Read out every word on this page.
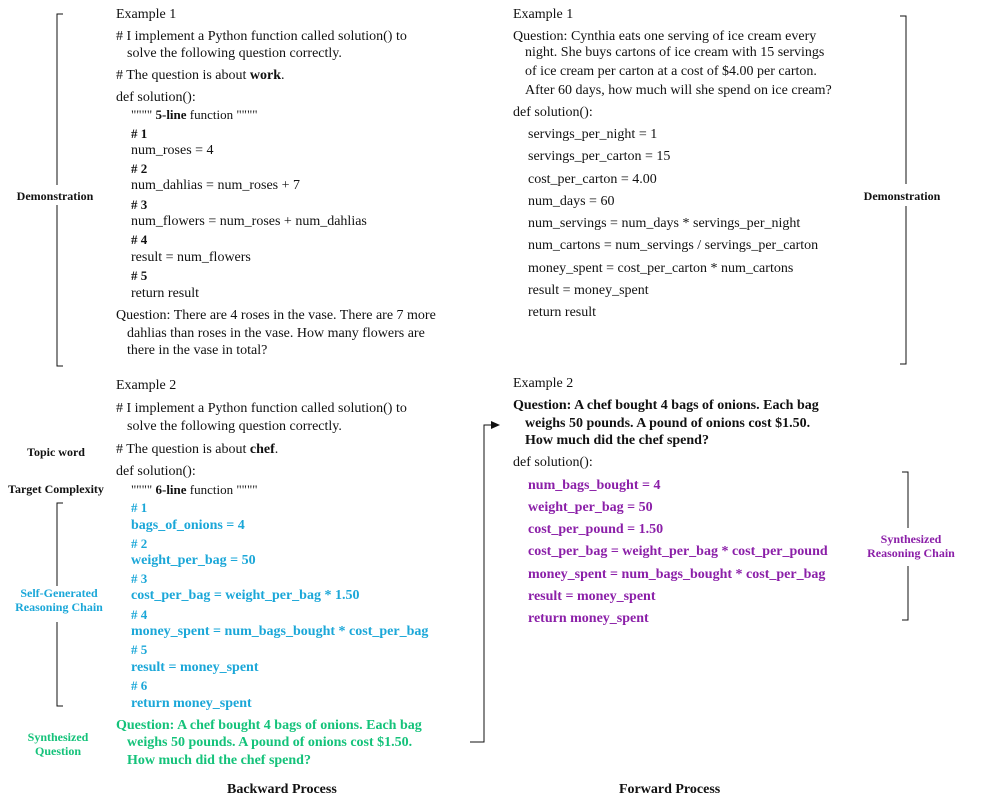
Demonstration
Topic word
Target Complexity
Self-Generated
Reasoning Chain
Synthesized
Question
Example 1
# I implement a Python function called solution() to
solve the following question correctly.
# The question is about work.
def solution():
"""" 5-line function """"
# 1
num_roses = 4
# 2
num_dahlias = num_roses + 7
# 3
num_flowers = num_roses + num_dahlias
# 4
result = num_flowers
# 5
return result
Question: There are 4 roses in the vase. There are 7 more
dahlias than roses in the vase. How many flowers are
there in the vase in total?
Example 2
# I implement a Python function called solution() to
solve the following question correctly.
# The question is about chef.
def solution():
"""" 6-line function """"
# 1
bags_of_onions = 4
# 2
weight_per_bag = 50
# 3
cost_per_bag = weight_per_bag * 1.50
# 4
money_spent = num_bags_bought * cost_per_bag
# 5
result = money_spent
# 6
return money_spent
Question: A chef bought 4 bags of onions. Each bag
weighs 50 pounds. A pound of onions cost $1.50.
How much did the chef spend?
Backward Process
Example 1
Question: Cynthia eats one serving of ice cream every
night. She buys cartons of ice cream with 15 servings
of ice cream per carton at a cost of $4.00 per carton.
After 60 days, how much will she spend on ice cream?
def solution():
servings_per_night = 1
servings_per_carton = 15
cost_per_carton = 4.00
num_days = 60
num_servings = num_days * servings_per_night
num_cartons = num_servings / servings_per_carton
money_spent = cost_per_carton * num_cartons
result = money_spent
return result
Example 2
Question: A chef bought 4 bags of onions. Each bag
weighs 50 pounds. A pound of onions cost $1.50.
How much did the chef spend?
def solution():
num_bags_bought = 4
weight_per_bag = 50
cost_per_pound = 1.50
cost_per_bag = weight_per_bag * cost_per_pound
money_spent = num_bags_bought * cost_per_bag
result = money_spent
return money_spent
Forward Process
Demonstration
Synthesized
Reasoning Chain
